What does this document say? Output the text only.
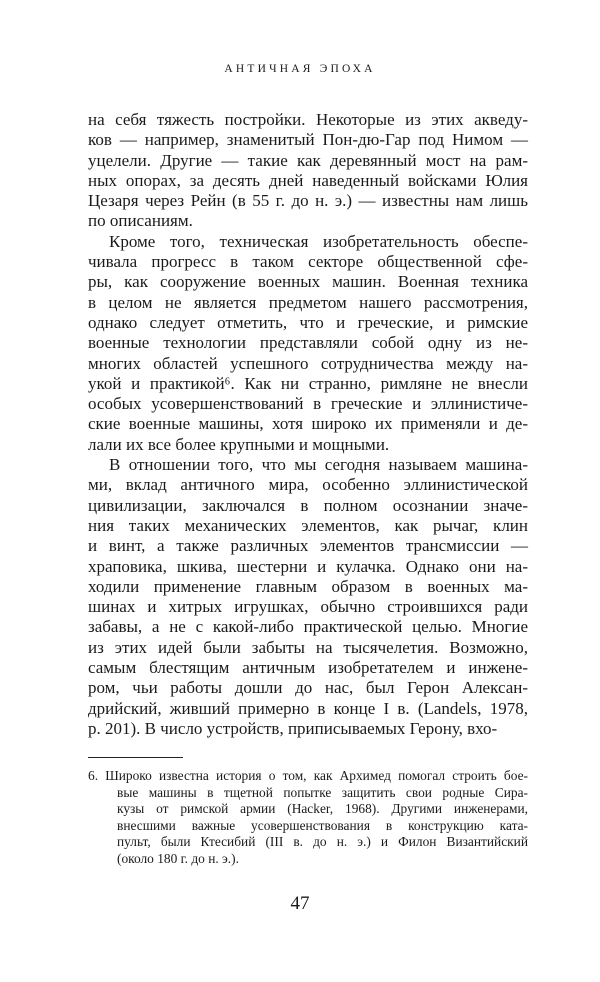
АНТИЧНАЯ ЭПОХА
на себя тяжесть постройки. Некоторые из этих акведу-
ков — например, знаменитый Пон-дю-Гар под Нимом —
уцелели. Другие — такие как деревянный мост на рам-
ных опорах, за десять дней наведенный войсками Юлия
Цезаря через Рейн (в 55 г. до н. э.) — известны нам лишь
по описаниям.
Кроме того, техническая изобретательность обеспе-
чивала прогресс в таком секторе общественной сфе-
ры, как сооружение военных машин. Военная техника
в целом не является предметом нашего рассмотрения,
однако следует отметить, что и греческие, и римские
военные технологии представляли собой одну из не-
многих областей успешного сотрудничества между на-
укой и практикой⁶. Как ни странно, римляне не внесли
особых усовершенствований в греческие и эллинистиче-
ские военные машины, хотя широко их применяли и де-
лали их все более крупными и мощными.
В отношении того, что мы сегодня называем машина-
ми, вклад античного мира, особенно эллинистической
цивилизации, заключался в полном осознании значе-
ния таких механических элементов, как рычаг, клин
и винт, а также различных элементов трансмиссии —
храповика, шкива, шестерни и кулачка. Однако они на-
ходили применение главным образом в военных ма-
шинах и хитрых игрушках, обычно строившихся ради
забавы, а не с какой-либо практической целью. Многие
из этих идей были забыты на тысячелетия. Возможно,
самым блестящим античным изобретателем и инжене-
ром, чьи работы дошли до нас, был Герон Алексан-
дрийский, живший примерно в конце I в. (Landels, 1978,
p. 201). В число устройств, приписываемых Герону, вхо-
6. Широко известна история о том, как Архимед помогал строить бое-
вые машины в тщетной попытке защитить свои родные Сира-
кузы от римской армии (Hacker, 1968). Другими инженерами,
внесшими важные усовершенствования в конструкцию ката-
пульт, были Ктесибий (III в. до н. э.) и Филон Византийский
(около 180 г. до н. э.).
47
